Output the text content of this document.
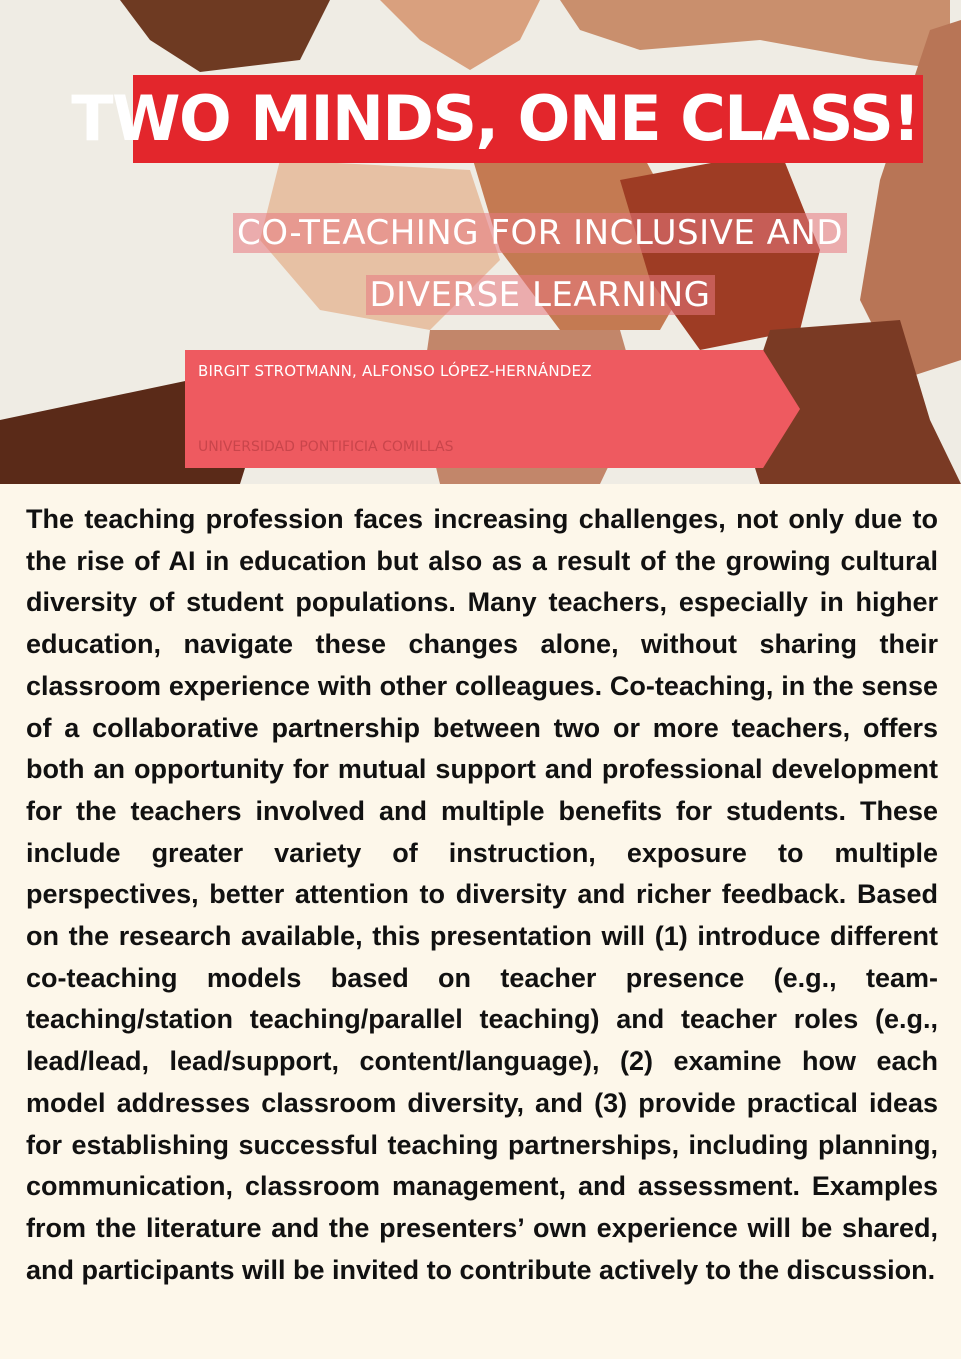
TWO MINDS, ONE CLASS!
CO-TEACHING FOR INCLUSIVE AND DIVERSE LEARNING
BIRGIT STROTMANN, ALFONSO LÓPEZ-HERNÁNDEZ
UNIVERSIDAD PONTIFICIA COMILLAS

The teaching profession faces increasing challenges, not only due to the rise of AI in education but also as a result of the growing cultural diversity of student populations. Many teachers, especially in higher education, navigate these changes alone, without sharing their classroom experience with other colleagues. Co-teaching, in the sense of a collaborative partnership between two or more teachers, offers both an opportunity for mutual support and professional development for the teachers involved and multiple benefits for students. These include greater variety of instruction, exposure to multiple perspectives, better attention to diversity and richer feedback. Based on the research available, this presentation will (1) introduce different co-teaching models based on teacher presence (e.g., team-teaching/station teaching/parallel teaching) and teacher roles (e.g., lead/lead, lead/support, content/language), (2) examine how each model addresses classroom diversity, and (3) provide practical ideas for establishing successful teaching partnerships, including planning, communication, classroom management, and assessment. Examples from the literature and the presenters’ own experience will be shared, and participants will be invited to contribute actively to the discussion.
